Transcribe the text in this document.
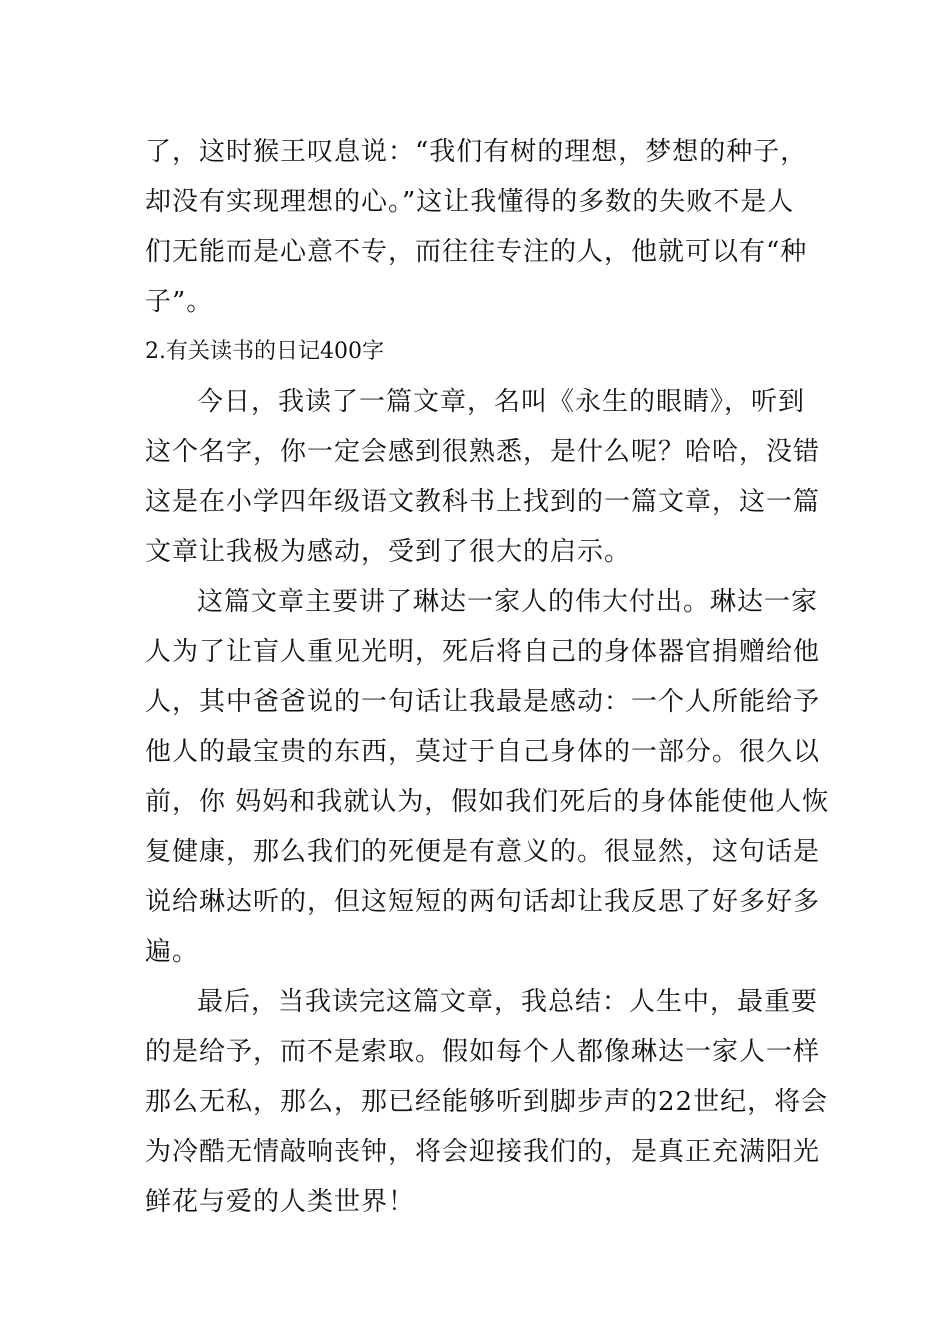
了，这时猴王叹息说：“我们有树的理想，梦想的种子，
却没有实现理想的心。”这让我懂得的多数的失败不是人
们无能而是心意不专，而往往专注的人，他就可以有“种
子”。
2.有关读书的日记400字
今日，我读了一篇文章，名叫《永生的眼睛》，听到
这个名字，你一定会感到很熟悉，是什么呢？哈哈，没错
这是在小学四年级语文教科书上找到的一篇文章，这一篇
文章让我极为感动，受到了很大的启示。
这篇文章主要讲了琳达一家人的伟大付出。琳达一家
人为了让盲人重见光明，死后将自己的身体器官捐赠给他
人，其中爸爸说的一句话让我最是感动：一个人所能给予
他人的最宝贵的东西，莫过于自己身体的一部分。很久以
前，你 妈妈和我就认为，假如我们死后的身体能使他人恢
复健康，那么我们的死便是有意义的。很显然，这句话是
说给琳达听的，但这短短的两句话却让我反思了好多好多
遍。
最后，当我读完这篇文章，我总结：人生中，最重要
的是给予，而不是索取。假如每个人都像琳达一家人一样
那么无私，那么，那已经能够听到脚步声的22世纪，将会
为冷酷无情敲响丧钟，将会迎接我们的，是真正充满阳光
鲜花与爱的人类世界！
